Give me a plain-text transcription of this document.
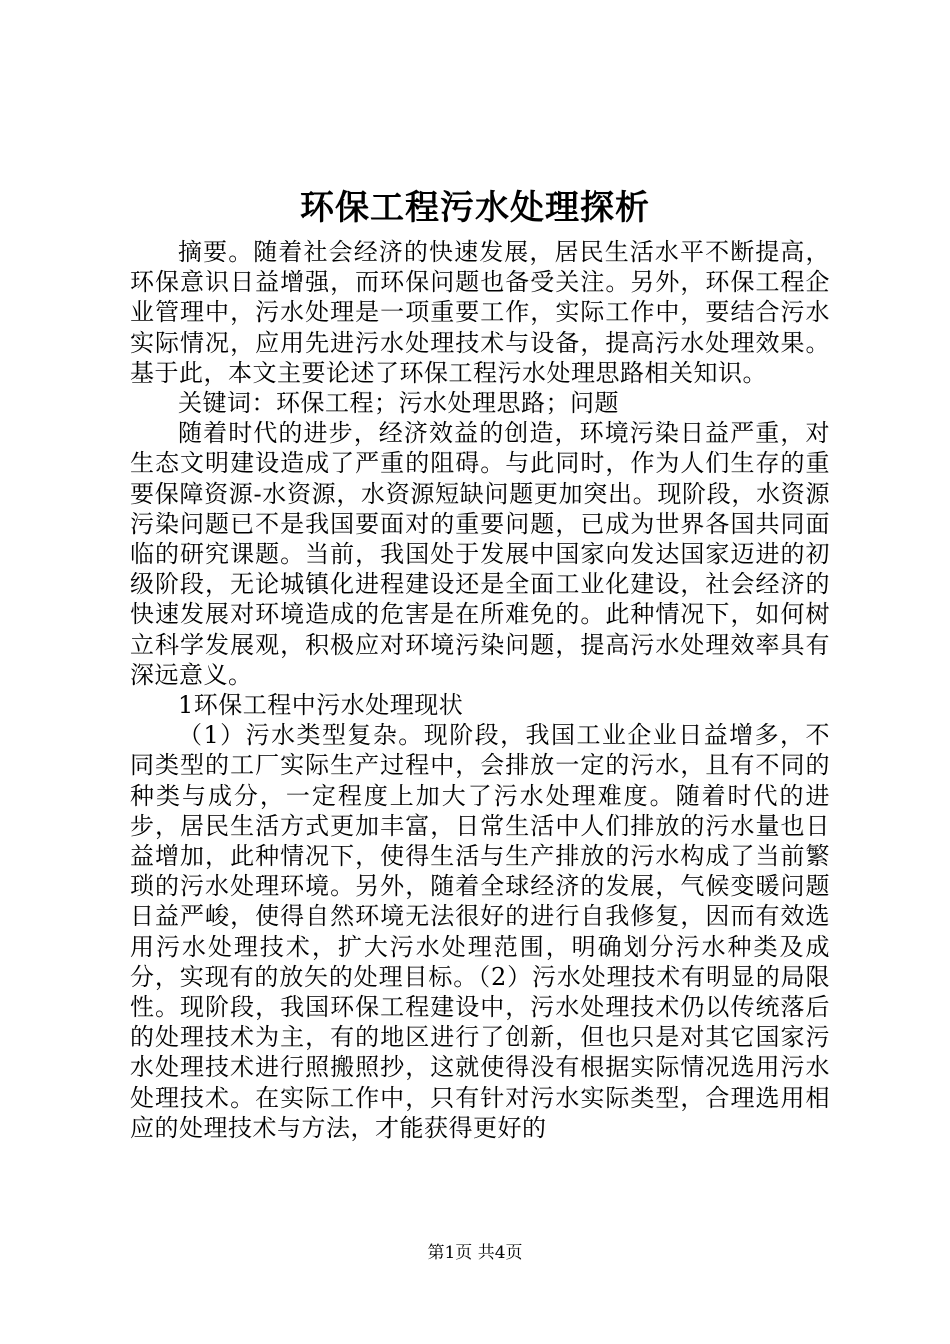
环保工程污水处理探析

摘要。随着社会经济的快速发展，居民生活水平不断提高，环保意识日益增强，而环保问题也备受关注。另外，环保工程企业管理中，污水处理是一项重要工作，实际工作中，要结合污水实际情况，应用先进污水处理技术与设备，提高污水处理效果。基于此，本文主要论述了环保工程污水处理思路相关知识。

关键词：环保工程；污水处理思路；问题

随着时代的进步，经济效益的创造，环境污染日益严重，对生态文明建设造成了严重的阻碍。与此同时，作为人们生存的重要保障资源-水资源，水资源短缺问题更加突出。现阶段，水资源污染问题已不是我国要面对的重要问题，已成为世界各国共同面临的研究课题。当前，我国处于发展中国家向发达国家迈进的初级阶段，无论城镇化进程建设还是全面工业化建设，社会经济的快速发展对环境造成的危害是在所难免的。此种情况下，如何树立科学发展观，积极应对环境污染问题，提高污水处理效率具有深远意义。

1环保工程中污水处理现状

（1）污水类型复杂。现阶段，我国工业企业日益增多，不同类型的工厂实际生产过程中，会排放一定的污水，且有不同的种类与成分，一定程度上加大了污水处理难度。随着时代的进步，居民生活方式更加丰富，日常生活中人们排放的污水量也日益增加，此种情况下，使得生活与生产排放的污水构成了当前繁琐的污水处理环境。另外，随着全球经济的发展，气候变暖问题日益严峻，使得自然环境无法很好的进行自我修复，因而有效选用污水处理技术，扩大污水处理范围，明确划分污水种类及成分，实现有的放矢的处理目标。（2）污水处理技术有明显的局限性。现阶段，我国环保工程建设中，污水处理技术仍以传统落后的处理技术为主，有的地区进行了创新，但也只是对其它国家污水处理技术进行照搬照抄，这就使得没有根据实际情况选用污水处理技术。在实际工作中，只有针对污水实际类型，合理选用相应的处理技术与方法，才能获得更好的

第1页 共4页
